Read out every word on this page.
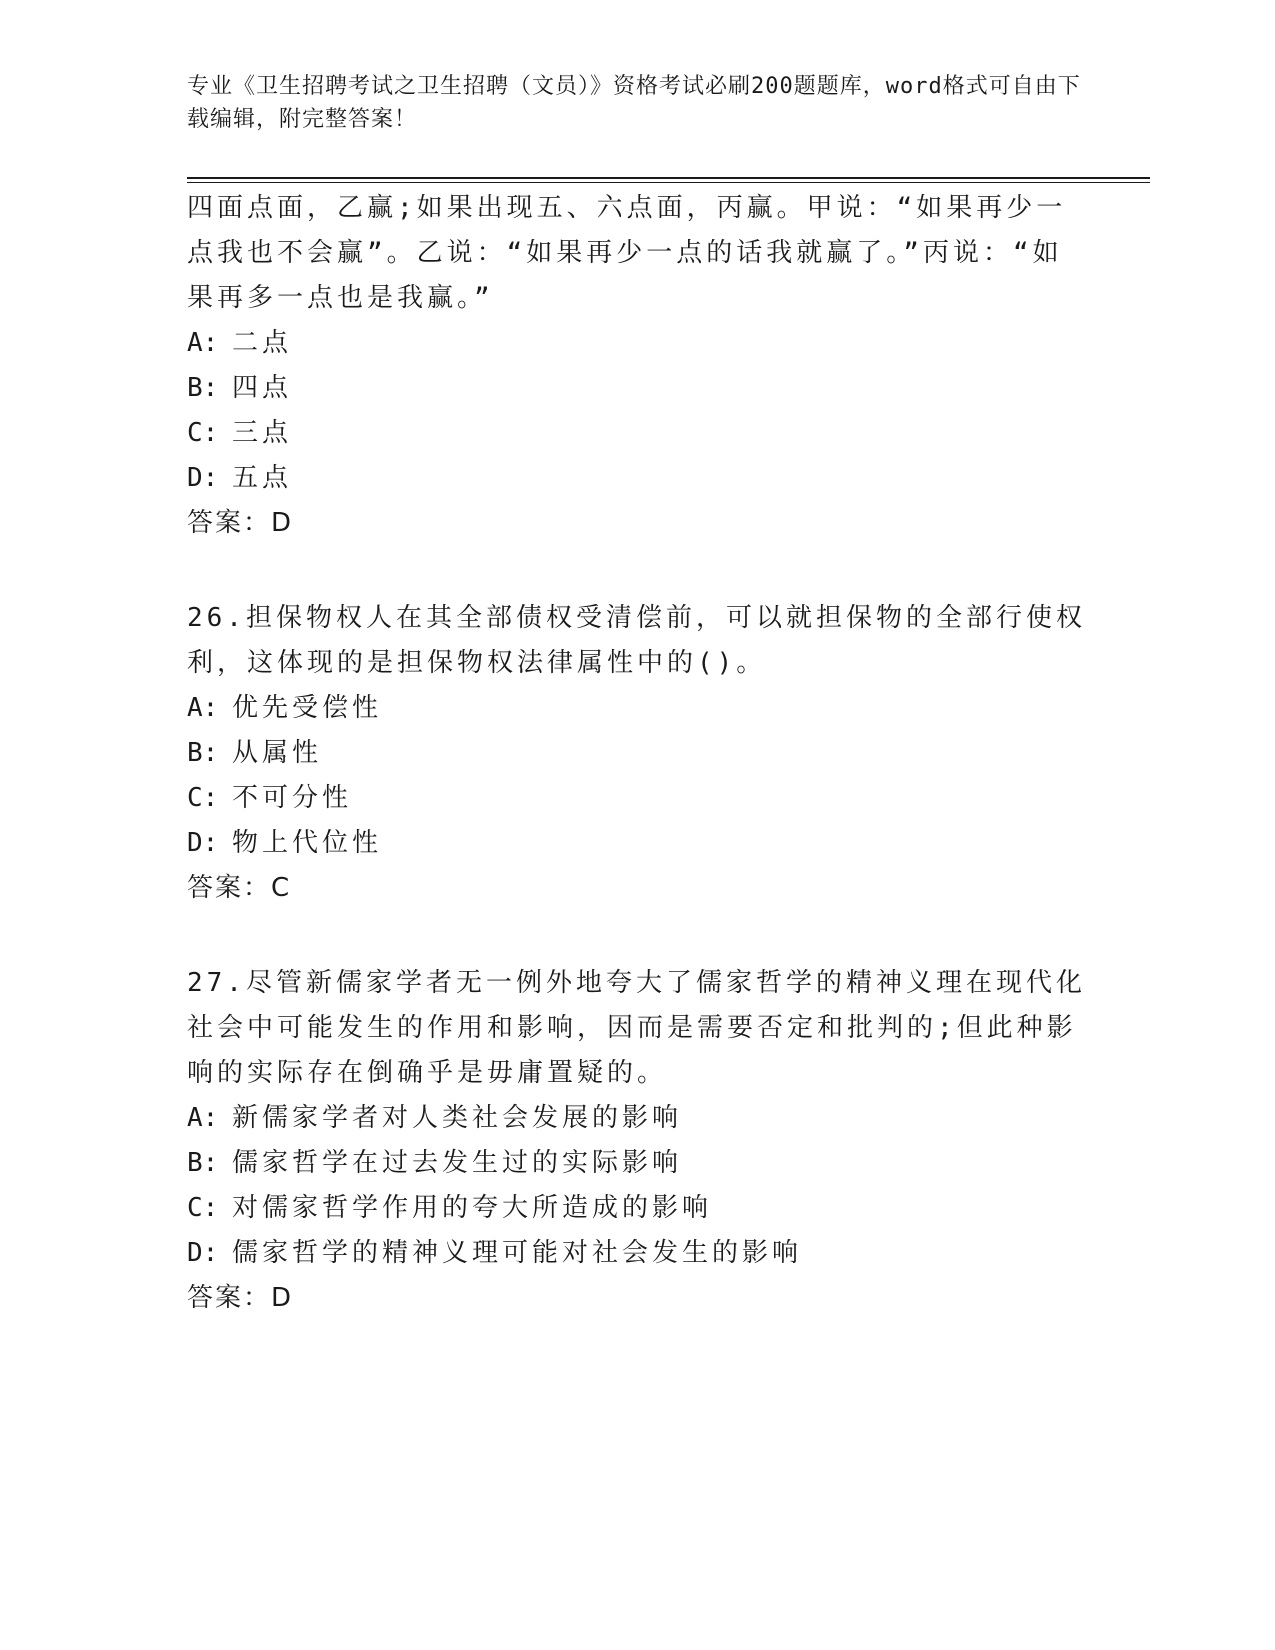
专业《卫生招聘考试之卫生招聘（文员）》资格考试必刷200题题库，word格式可自由下载编辑，附完整答案！

四面点面，乙赢;如果出现五、六点面，丙赢。甲说：“如果再少一点我也不会赢”。乙说：“如果再少一点的话我就赢了。”丙说：“如果再多一点也是我赢。”

A: 二点

B: 四点

C: 三点

D: 五点

答案：D

26.担保物权人在其全部债权受清偿前，可以就担保物的全部行使权利，这体现的是担保物权法律属性中的()。

A: 优先受偿性

B: 从属性

C: 不可分性

D: 物上代位性

答案：C

27.尽管新儒家学者无一例外地夸大了儒家哲学的精神义理在现代化社会中可能发生的作用和影响，因而是需要否定和批判的;但此种影响的实际存在倒确乎是毋庸置疑的。

A: 新儒家学者对人类社会发展的影响

B: 儒家哲学在过去发生过的实际影响

C: 对儒家哲学作用的夸大所造成的影响

D: 儒家哲学的精神义理可能对社会发生的影响

答案：D
